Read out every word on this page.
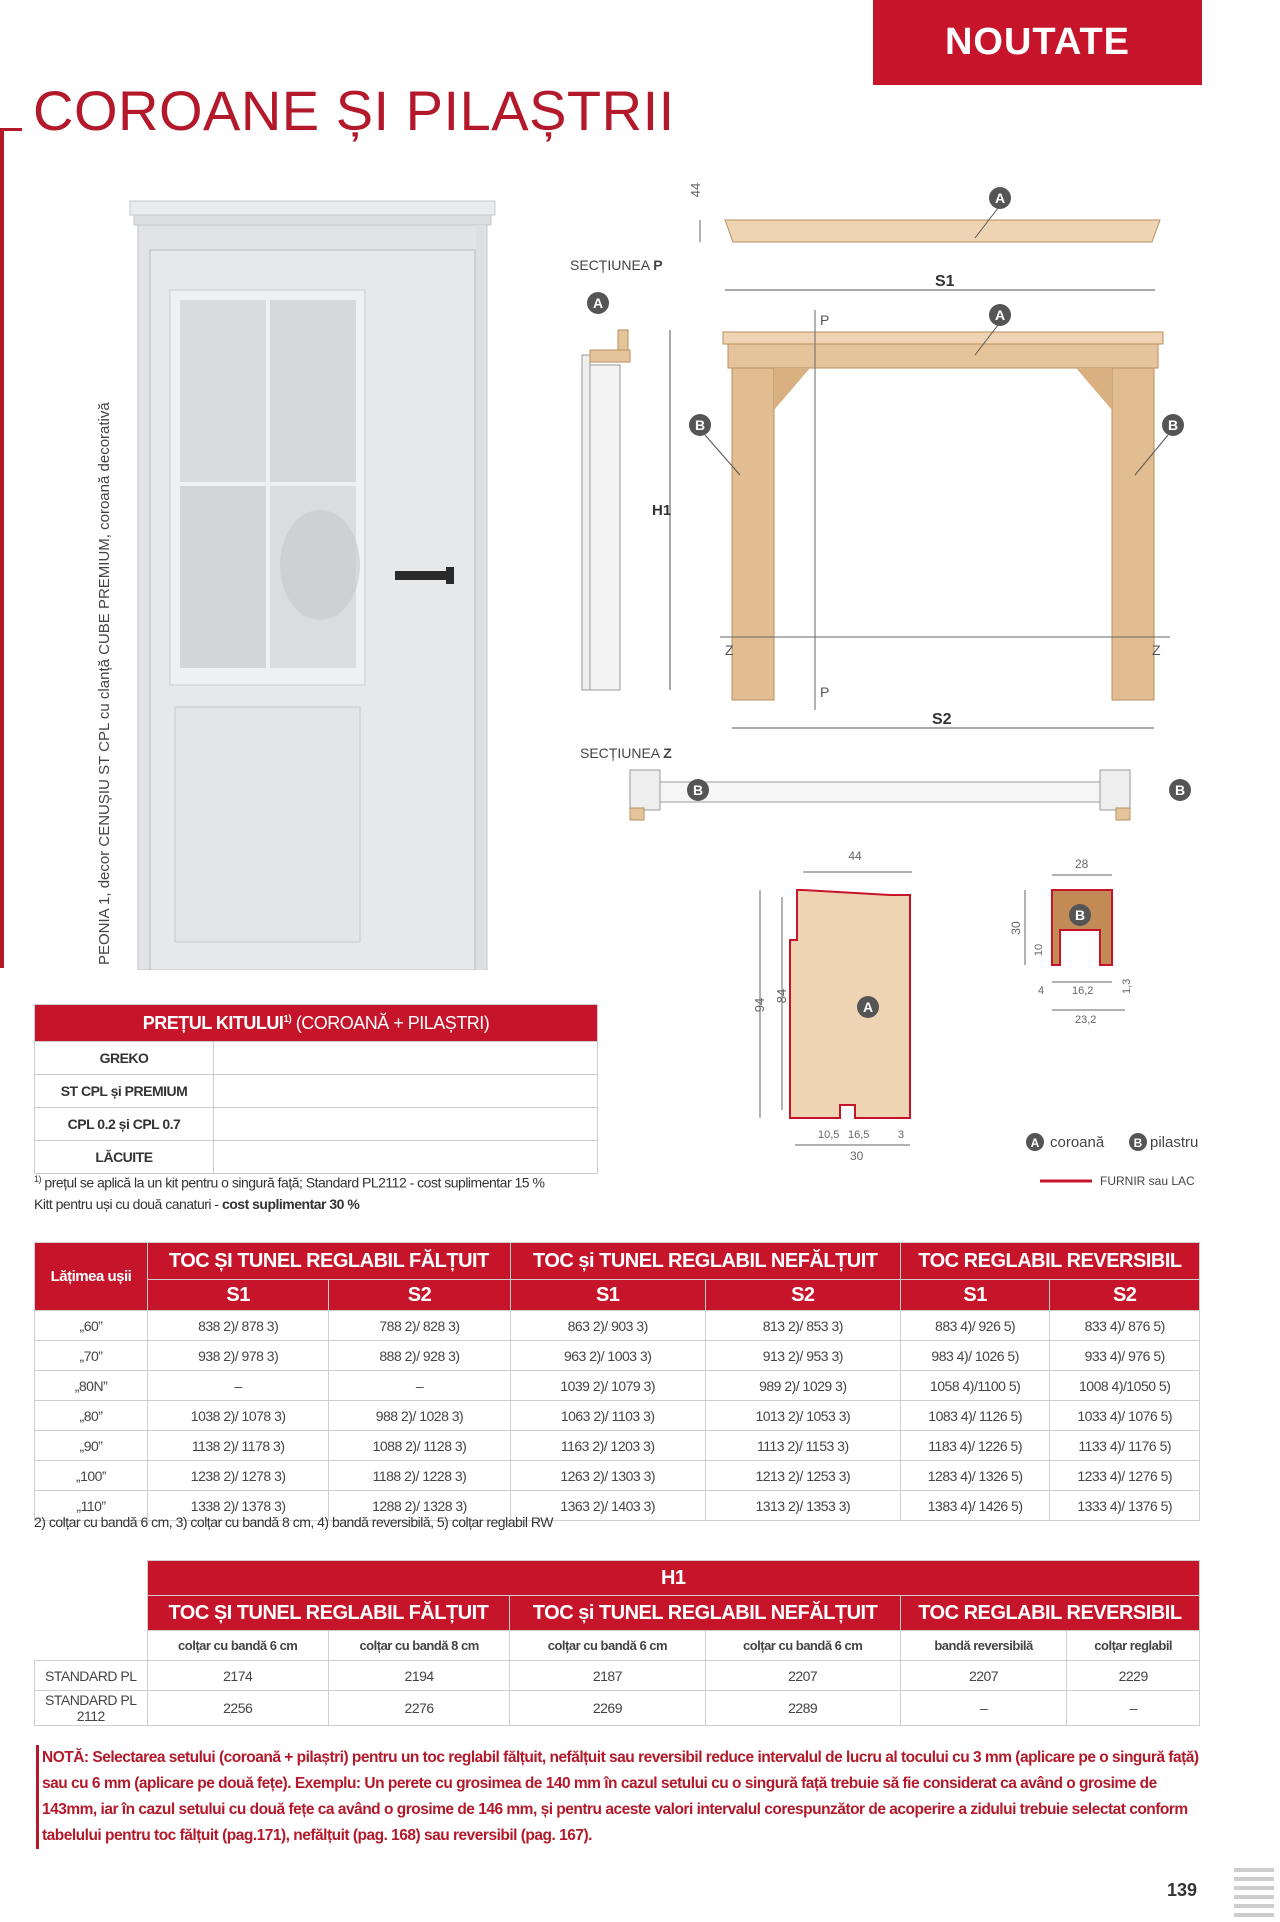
NOUTATE
COROANE ȘI PILAȘTRII
PEONIA 1, decor CENUȘIU ST CPL cu clanță CUBE PREMIUM, coroană decorativă
44	A
S1
A
B	B
P
P
Z	Z
S2
SECȚIUNEA P
A
H1
SECȚIUNEA Z
B	B
A
44
94
84
10,5 16,5	3
30
B
28
30
10
4	16,2	1,3
23,2
A coroană B pilastru
FURNIR sau LAC
PREȚUL KITULUI$^{1)}$ (COROANĂ + PILAȘTRI)	
GREKO	
ST CPL și PREMIUM	
CPL 0.2 și CPL 0.7	
LĂCUITE	
$^{1)}$ prețul se aplică la un kit pentru o singură față; Standard PL2112 - cost suplimentar 15 %
Kitt pentru uși cu două canaturi - cost suplimentar 30 %
Lățimea ușii	TOC ȘI TUNEL REGLABIL FĂLȚUIT		TOC și TUNEL REGLABIL NEFĂLȚUIT		TOC REGLABIL REVERSIBIL	
	S1	S2	S1	S2	S1	S2
„60”	838 2)/ 878 3)	788 2)/ 828 3)	863 2)/ 903 3)	813 2)/ 853 3)	883 4)/ 926 5)	833 4)/ 876 5)
„70”	938 2)/ 978 3)	888 2)/ 928 3)	963 2)/ 1003 3)	913 2)/ 953 3)	983 4)/ 1026 5)	933 4)/ 976 5)
„80N”	–	–	1039 2)/ 1079 3)	989 2)/ 1029 3)	1058 4)/1100 5)	1008 4)/1050 5)
„80”	1038 2)/ 1078 3)	988 2)/ 1028 3)	1063 2)/ 1103 3)	1013 2)/ 1053 3)	1083 4)/ 1126 5)	1033 4)/ 1076 5)
„90”	1138 2)/ 1178 3)	1088 2)/ 1128 3)	1163 2)/ 1203 3)	1113 2)/ 1153 3)	1183 4)/ 1226 5)	1133 4)/ 1176 5)
„100”	1238 2)/ 1278 3)	1188 2)/ 1228 3)	1263 2)/ 1303 3)	1213 2)/ 1253 3)	1283 4)/ 1326 5)	1233 4)/ 1276 5)
„110”	1338 2)/ 1378 3)	1288 2)/ 1328 3)	1363 2)/ 1403 3)	1313 2)/ 1353 3)	1383 4)/ 1426 5)	1333 4)/ 1376 5)
2) colțar cu bandă 6 cm, 3) colțar cu bandă 8 cm, 4) bandă reversibilă, 5) colțar reglabil RW
	H1					
	TOC ȘI TUNEL REGLABIL FĂLȚUIT		TOC și TUNEL REGLABIL NEFĂLȚUIT		TOC REGLABIL REVERSIBIL	
	colțar cu bandă 6 cm	colțar cu bandă 8 cm	colțar cu bandă 6 cm	colțar cu bandă 6 cm	bandă reversibilă	colțar reglabil
STANDARD PL	2174	2194	2187	2207	2207	2229
STANDARD PL 2112	2256	2276	2269	2289	–	–
NOTĂ: Selectarea setului (coroană + pilaștri) pentru un toc reglabil fălțuit, nefălțuit sau reversibil reduce intervalul de lucru al tocului cu 3 mm (aplicare pe o singură față) sau cu 6 mm (aplicare pe două fețe). Exemplu: Un perete cu grosimea de 140 mm în cazul setului cu o singură față trebuie să fie considerat ca având o grosime de 143mm, iar în cazul setului cu două fețe ca având o grosime de 146 mm, și pentru aceste valori intervalul corespunzător de acoperire a zidului trebuie selectat conform tabelului pentru toc fălțuit (pag.171), nefălțuit (pag. 168) sau reversibil (pag. 167).
139
